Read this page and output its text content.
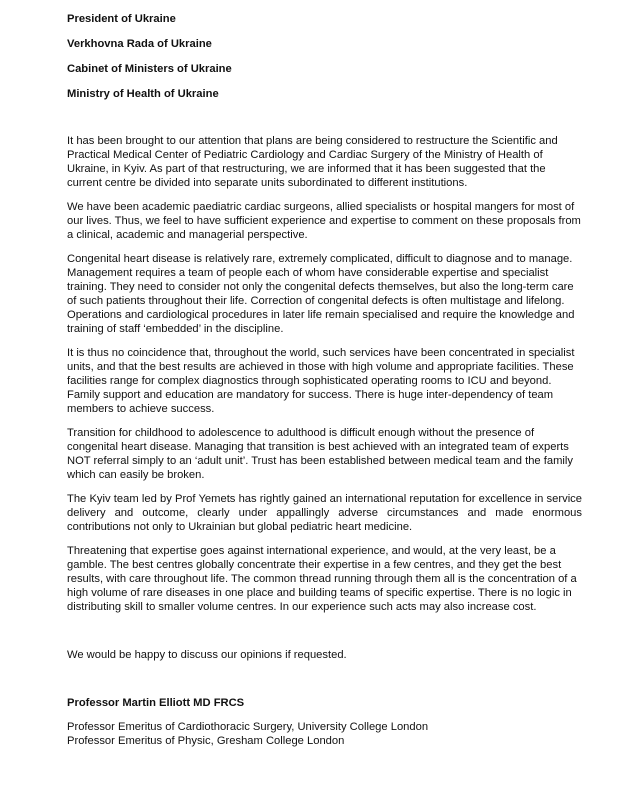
President of Ukraine
Verkhovna Rada of Ukraine
Cabinet of Ministers of Ukraine
Ministry of Health of Ukraine

It has been brought to our attention that plans are being considered to restructure the Scientific and Practical Medical Center of Pediatric Cardiology and Cardiac Surgery of the Ministry of Health of Ukraine, in Kyiv. As part of that restructuring, we are informed that it has been suggested that the current centre be divided into separate units subordinated to different institutions.

We have been academic paediatric cardiac surgeons, allied specialists or hospital mangers for most of our lives. Thus, we feel to have sufficient experience and expertise to comment on these proposals from a clinical, academic and managerial perspective.

Congenital heart disease is relatively rare, extremely complicated, difficult to diagnose and to manage. Management requires a team of people each of whom have considerable expertise and specialist training. They need to consider not only the congenital defects themselves, but also the long-term care of such patients throughout their life. Correction of congenital defects is often multistage and lifelong. Operations and cardiological procedures in later life remain specialised and require the knowledge and training of staff ‘embedded’ in the discipline.

It is thus no coincidence that, throughout the world, such services have been concentrated in specialist units, and that the best results are achieved in those with high volume and appropriate facilities. These facilities range for complex diagnostics through sophisticated operating rooms to ICU and beyond. Family support and education are mandatory for success. There is huge inter-dependency of team members to achieve success.

Transition for childhood to adolescence to adulthood is difficult enough without the presence of congenital heart disease. Managing that transition is best achieved with an integrated team of experts NOT referral simply to an ‘adult unit’. Trust has been established between medical team and the family which can easily be broken.

The Kyiv team led by Prof Yemets has rightly gained an international reputation for excellence in service delivery and outcome, clearly under appallingly adverse circumstances and made enormous contributions not only to Ukrainian but global pediatric heart medicine.

Threatening that expertise goes against international experience, and would, at the very least, be a gamble. The best centres globally concentrate their expertise in a few centres, and they get the best results, with care throughout life. The common thread running through them all is the concentration of a high volume of rare diseases in one place and building teams of specific expertise. There is no logic in distributing skill to smaller volume centres. In our experience such acts may also increase cost.

We would be happy to discuss our opinions if requested.

Professor Martin Elliott MD FRCS

Professor Emeritus of Cardiothoracic Surgery, University College London

Professor Emeritus of Physic, Gresham College London
